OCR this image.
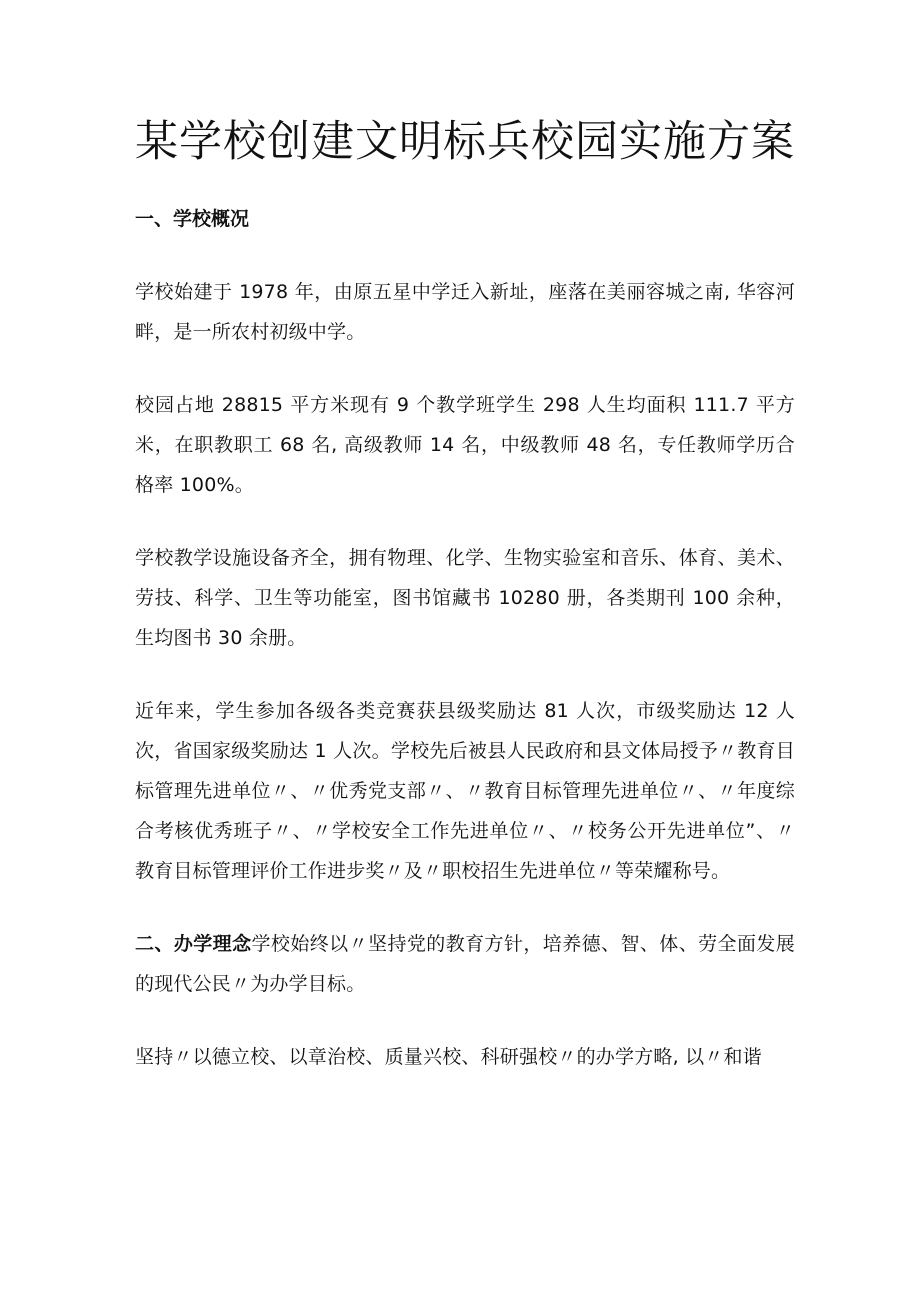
某学校创建文明标兵校园实施方案

一、学校概况

学校始建于 1978 年，由原五星中学迁入新址，座落在美丽容城之南, 华容河畔，是一所农村初级中学。

校园占地 28815 平方米现有 9 个教学班学生 298 人生均面积 111.7 平方米，在职教职工 68 名, 高级教师 14 名，中级教师 48 名，专任教师学历合格率 100%。

学校教学设施设备齐全，拥有物理、化学、生物实验室和音乐、体育、美术、劳技、科学、卫生等功能室，图书馆藏书 10280 册，各类期刊 100 余种，生均图书 30 余册。

近年来，学生参加各级各类竞赛获县级奖励达 81 人次，市级奖励达 12 人次，省国家级奖励达 1 人次。学校先后被县人民政府和县文体局授予〃教育目标管理先进单位〃、〃优秀党支部〃、〃教育目标管理先进单位〃、〃年度综合考核优秀班子〃、〃学校安全工作先进单位〃、〃校务公开先进单位”、〃教育目标管理评价工作进步奖〃及〃职校招生先进单位〃等荣耀称号。

二、办学理念学校始终以〃坚持党的教育方针，培养德、智、体、劳全面发展的现代公民〃为办学目标。

坚持〃以德立校、以章治校、质量兴校、科研强校〃的办学方略, 以〃和谐
